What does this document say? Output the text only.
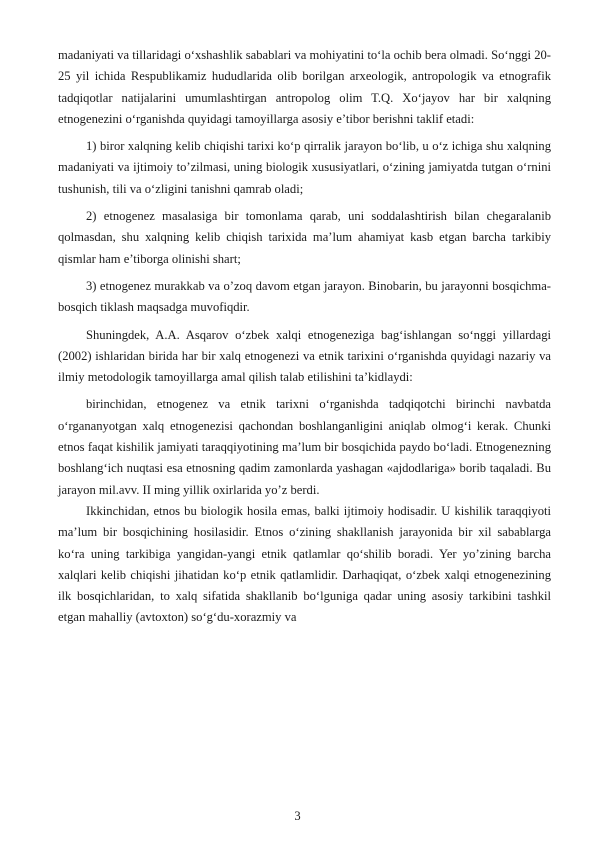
madaniyati va tillaridagi o‘xshashlik sabablari va mohiyatini to‘la ochib bera olmadi. So‘nggi 20-25 yil ichida Respublikamiz hududlarida olib borilgan arxeologik, antropologik va etnografik tadqiqotlar natijalarini umumlashtirgan antropolog olim T.Q. Xo‘jayov har bir xalqning etnogenezini o‘rganishda quyidagi tamoyillarga asosiy e’tibor berishni taklif etadi:

1) biror xalqning kelib chiqishi tarixi ko‘p qirralik jarayon bo‘lib, u o‘z ichiga shu xalqning madaniyati va ijtimoiy to’zilmasi, uning biologik xususiyatlari, o‘zining jamiyatda tutgan o‘rnini tushunish, tili va o‘zligini tanishni qamrab oladi;

2) etnogenez masalasiga bir tomonlama qarab, uni soddalashtirish bilan chegaralanib qolmasdan, shu xalqning kelib chiqish tarixida ma’lum ahamiyat kasb etgan barcha tarkibiy qismlar ham e’tiborga olinishi shart;

3) etnogenez murakkab va o’zoq davom etgan jarayon. Binobarin, bu jarayonni bosqichma-bosqich tiklash maqsadga muvofiqdir.

Shuningdek, A.A. Asqarov o‘zbek xalqi etnogeneziga bag‘ishlangan so‘nggi yillardagi (2002) ishlaridan birida har bir xalq etnogenezi va etnik tarixini o‘rganishda quyidagi nazariy va ilmiy metodologik tamoyillarga amal qilish talab etilishini ta’kidlaydi:

birinchidan, etnogenez va etnik tarixni o‘rganishda tadqiqotchi birinchi navbatda o‘rgananyotgan xalq etnogenezisi qachondan boshlanganligini aniqlab olmog‘i kerak. Chunki etnos faqat kishilik jamiyati taraqqiyotining ma’lum bir bosqichida paydo bo‘ladi. Etnogenezning boshlang‘ich nuqtasi esa etnosning qadim zamonlarda yashagan «ajdodlariga» borib taqaladi. Bu jarayon mil.avv. II ming yillik oxirlarida yo’z berdi.

Ikkinchidan, etnos bu biologik hosila emas, balki ijtimoiy hodisadir. U kishilik taraqqiyoti ma’lum bir bosqichining hosilasidir. Etnos o‘zining shakllanish jarayonida bir xil sabablarga ko‘ra uning tarkibiga yangidan-yangi etnik qatlamlar qo‘shilib boradi. Yer yo’zining barcha xalqlari kelib chiqishi jihatidan ko‘p etnik qatlamlidir. Darhaqiqat, o‘zbek xalqi etnogenezining ilk bosqichlaridan, to xalq sifatida shakllanib bo‘lguniga qadar uning asosiy tarkibini tashkil etgan mahalliy (avtoxton) so‘g‘du-xorazmiy va

3
